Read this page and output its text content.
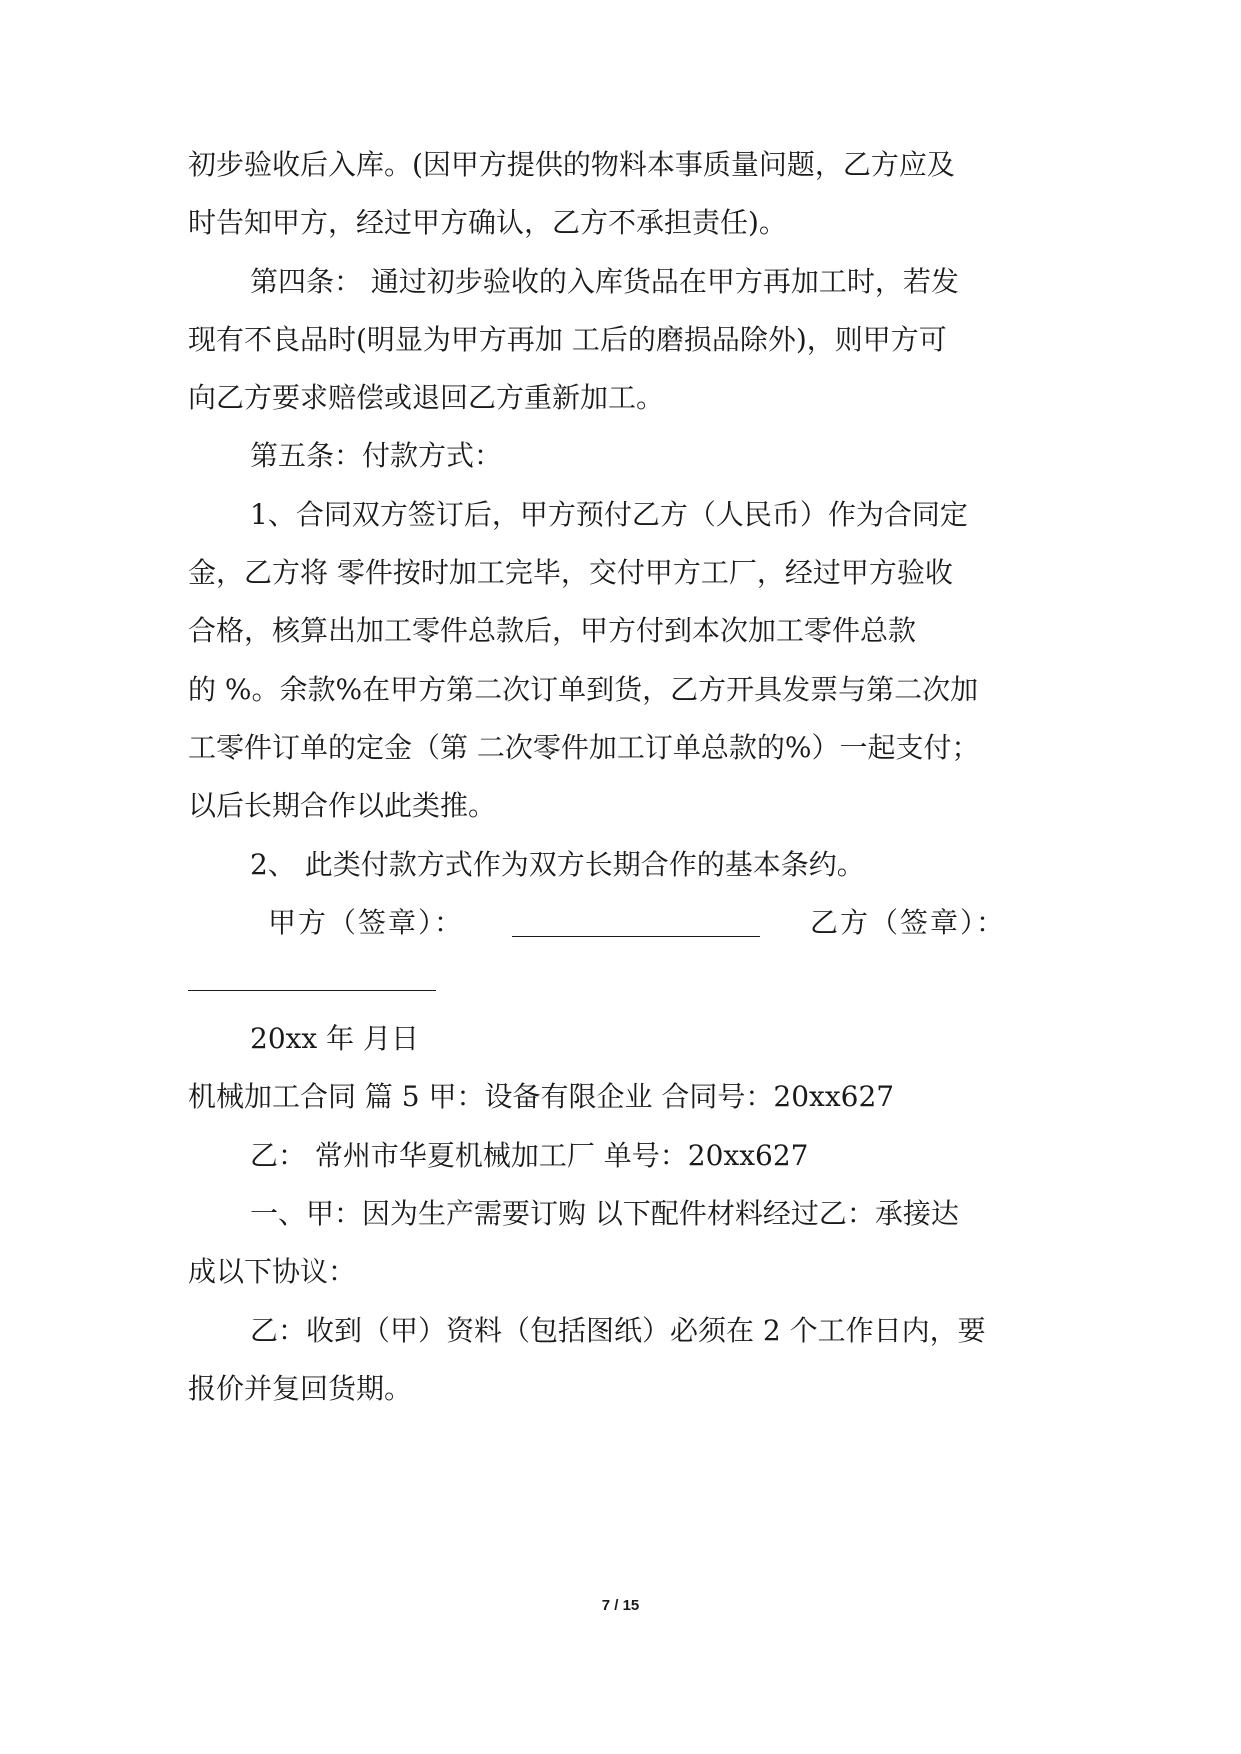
初步验收后入库。(因甲方提供的物料本事质量问题，乙方应及
时告知甲方，经过甲方确认，乙方不承担责任)。
第四条： 通过初步验收的入库货品在甲方再加工时，若发
现有不良品时(明显为甲方再加 工后的磨损品除外)，则甲方可
向乙方要求赔偿或退回乙方重新加工。
第五条：付款方式：
1、合同双方签订后，甲方预付乙方（人民币）作为合同定
金，乙方将 零件按时加工完毕，交付甲方工厂，经过甲方验收
合格，核算出加工零件总款后，甲方付到本次加工零件总款
的 %。余款%在甲方第二次订单到货，乙方开具发票与第二次加
工零件订单的定金（第 二次零件加工订单总款的%）一起支付；
以后长期合作以此类推。
2、 此类付款方式作为双方长期合作的基本条约。
甲方（签章）：	乙方（签章）：
20xx 年 月日
机械加工合同 篇 5 甲：设备有限企业 合同号：20xx627
乙： 常州市华夏机械加工厂 单号：20xx627
一、甲：因为生产需要订购 以下配件材料经过乙：承接达
成以下协议：
乙：收到（甲）资料（包括图纸）必须在 2 个工作日内，要
报价并复回货期。
7 / 15
